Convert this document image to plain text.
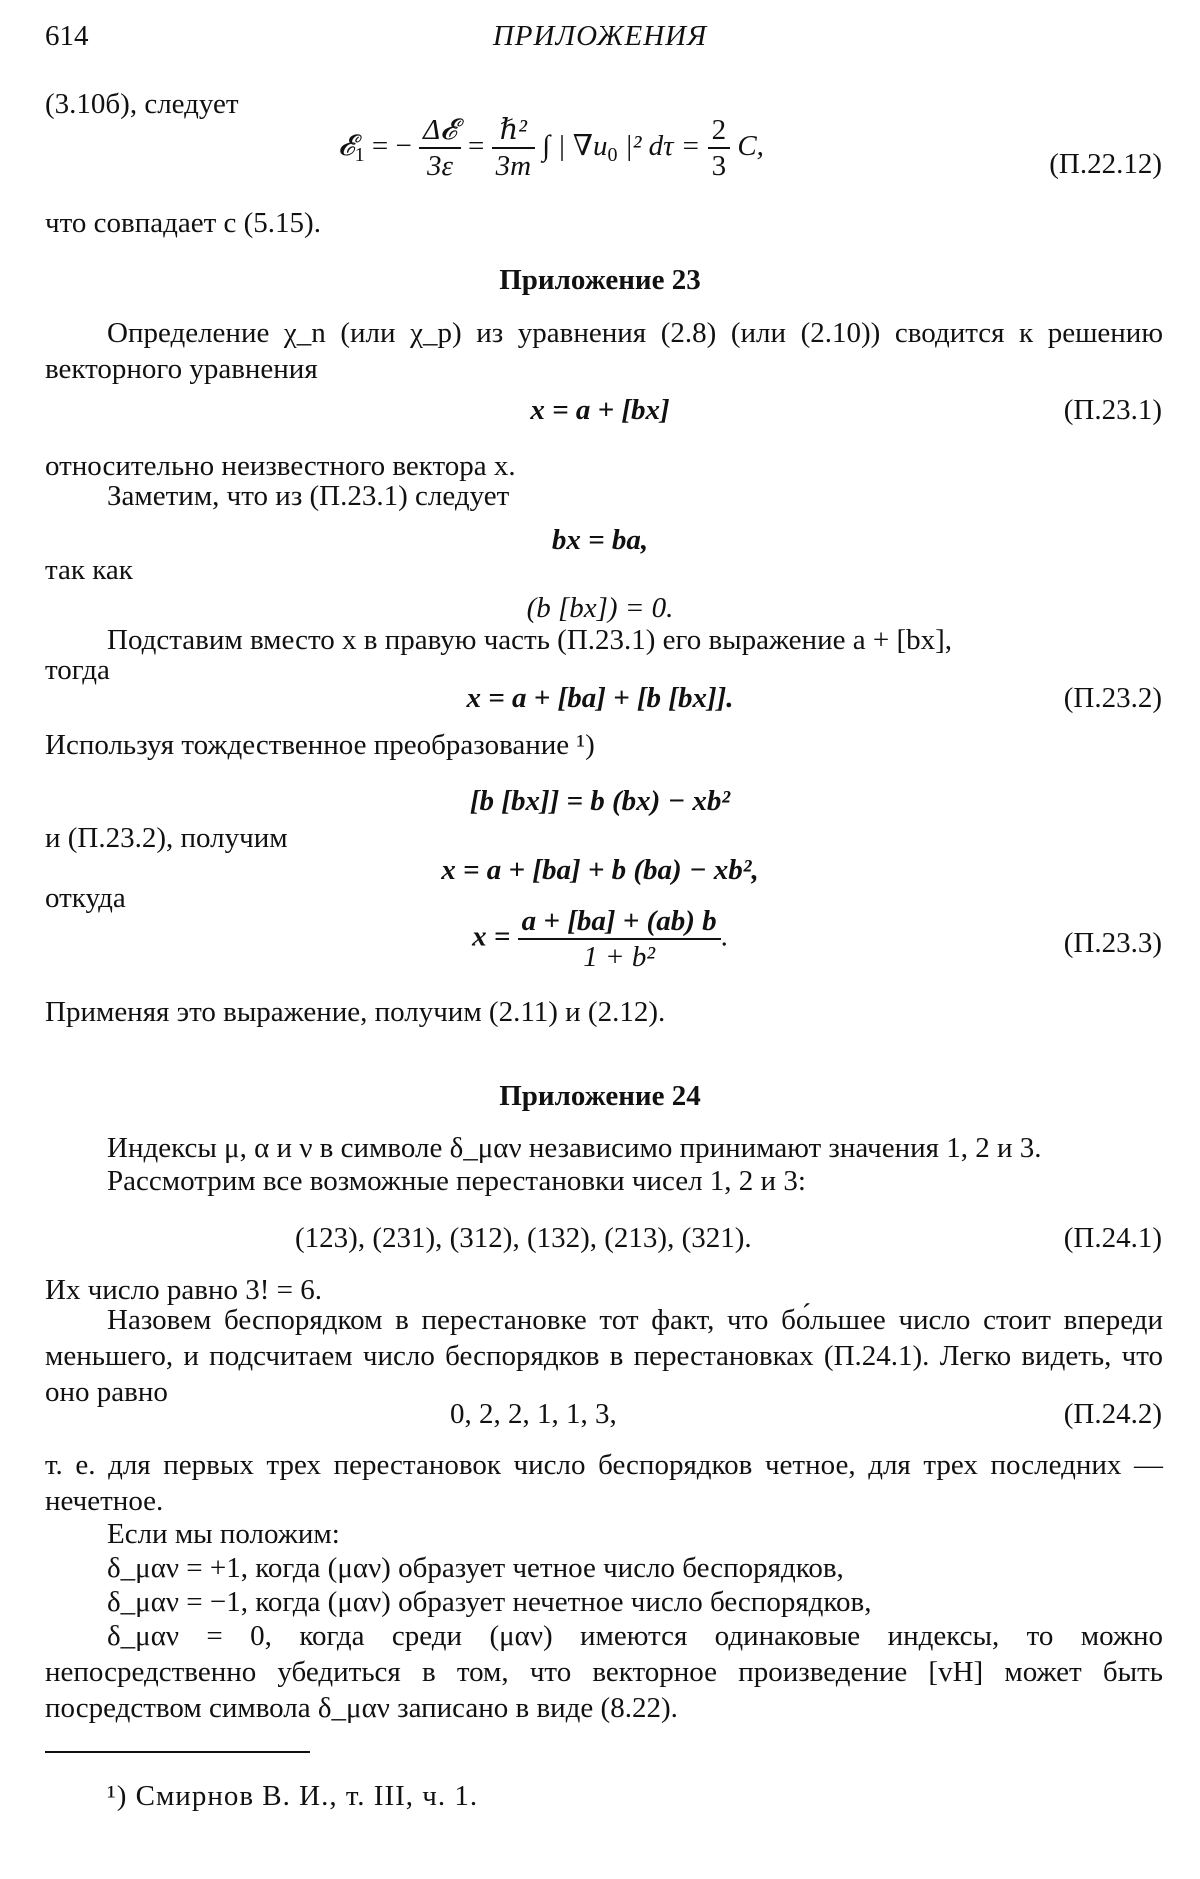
614	ПРИЛОЖЕНИЯ
(3.10б), следует
𝓔$_1$ = − $\frac{\text{Δ𝓔}}{3\varepsilon} = \frac{\text{ℏ²}}{3m}$ ∫ | $\nabla u_0$ |² $d\tau = \frac{2}{3} C$,
(П.22.12)
что совпадает с (5.15).
Приложение 23
Определение χ_n (или χ_p) из уравнения (2.8) (или (2.10)) сводится к решению векторного уравнения
x = a + [bx]	(П.23.1)
относительно неизвестного вектора x.
Заметим, что из (П.23.1) следует
bx = ba,
так как
(b [bx]) = 0.
Подставим вместо x в правую часть (П.23.1) его выражение a + [bx],
тогда
x = a + [ba] + [b [bx]].	(П.23.2)
Используя тождественное преобразование ¹)
[b [bx]] = b (bx) − xb²
и (П.23.2), получим
x = a + [ba] + b (ba) − xb²,
откуда
$x = \frac{a + [ba] + (ab) b}{\text{1 + b²}}$ .	(П.23.3)
Применяя это выражение, получим (2.11) и (2.12).
Приложение 24
Индексы μ, α и ν в символе δ_μαν независимо принимают значения 1, 2 и 3.
Рассмотрим все возможные перестановки чисел 1, 2 и 3:
(123), (231), (312), (132), (213), (321).	(П.24.1)
Их число равно 3! = 6.
Назовем беспорядком в перестановке тот факт, что бо́льшее число стоит впереди меньшего, и подсчитаем число беспорядков в перестановках (П.24.1). Легко видеть, что оно равно
0, 2, 2, 1, 1, 3,	(П.24.2)
т. е. для первых трех перестановок число беспорядков четное, для трех последних — нечетное.
Если мы положим:
δ_μαν = +1, когда (μαν) образует четное число беспорядков,
δ_μαν = −1, когда (μαν) образует нечетное число беспорядков,
δ_μαν = 0, когда среди (μαν) имеются одинаковые индексы, то можно непосредственно убедиться в том, что векторное произведение [vH] может быть посредством символа δ_μαν записано в виде (8.22).
¹) Смирнов В. И., т. III, ч. 1.
